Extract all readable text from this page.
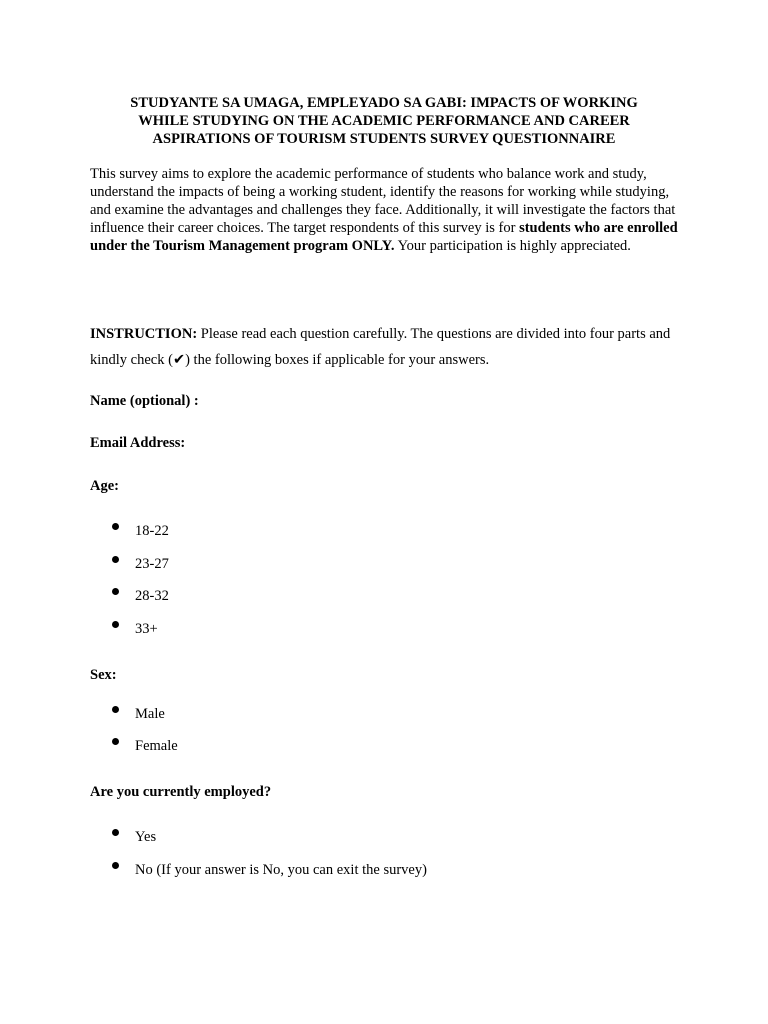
STUDYANTE SA UMAGA, EMPLEYADO SA GABI: IMPACTS OF WORKING
WHILE STUDYING ON THE ACADEMIC PERFORMANCE AND CAREER
ASPIRATIONS OF TOURISM STUDENTS SURVEY QUESTIONNAIRE
This survey aims to explore the academic performance of students who balance work and study, understand the impacts of being a working student, identify the reasons for working while studying, and examine the advantages and challenges they face. Additionally, it will investigate the factors that influence their career choices. The target respondents of this survey is for students who are enrolled under the Tourism Management program ONLY. Your participation is highly appreciated.
INSTRUCTION: Please read each question carefully. The questions are divided into four parts and kindly check (✔) the following boxes if applicable for your answers.
Name (optional) :
Email Address:
Age:
18-22
23-27
28-32
33+
Sex:
Male
Female
Are you currently employed?
Yes
No (If your answer is No, you can exit the survey)
